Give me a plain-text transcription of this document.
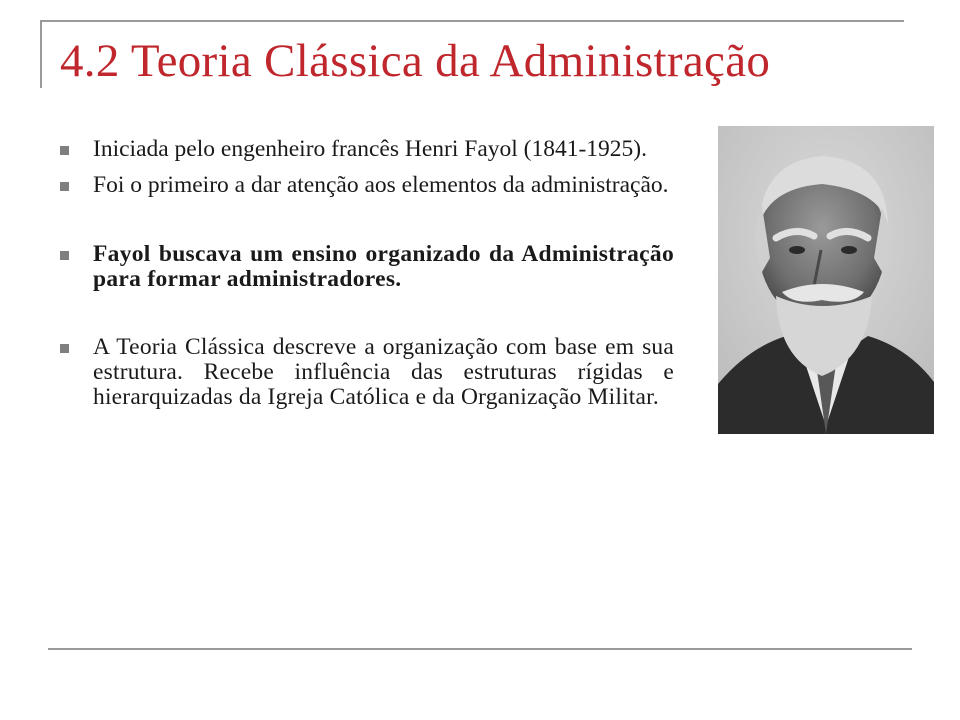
4.2 Teoria Clássica da Administração
Iniciada pelo engenheiro francês Henri Fayol (1841-1925).
Foi o primeiro a dar atenção aos elementos da administração.
Fayol buscava um ensino organizado da Administração para formar administradores.
A Teoria Clássica descreve a organização com base em sua estrutura. Recebe influência das estruturas rígidas e hierarquizadas da Igreja Católica e da Organização Militar.
